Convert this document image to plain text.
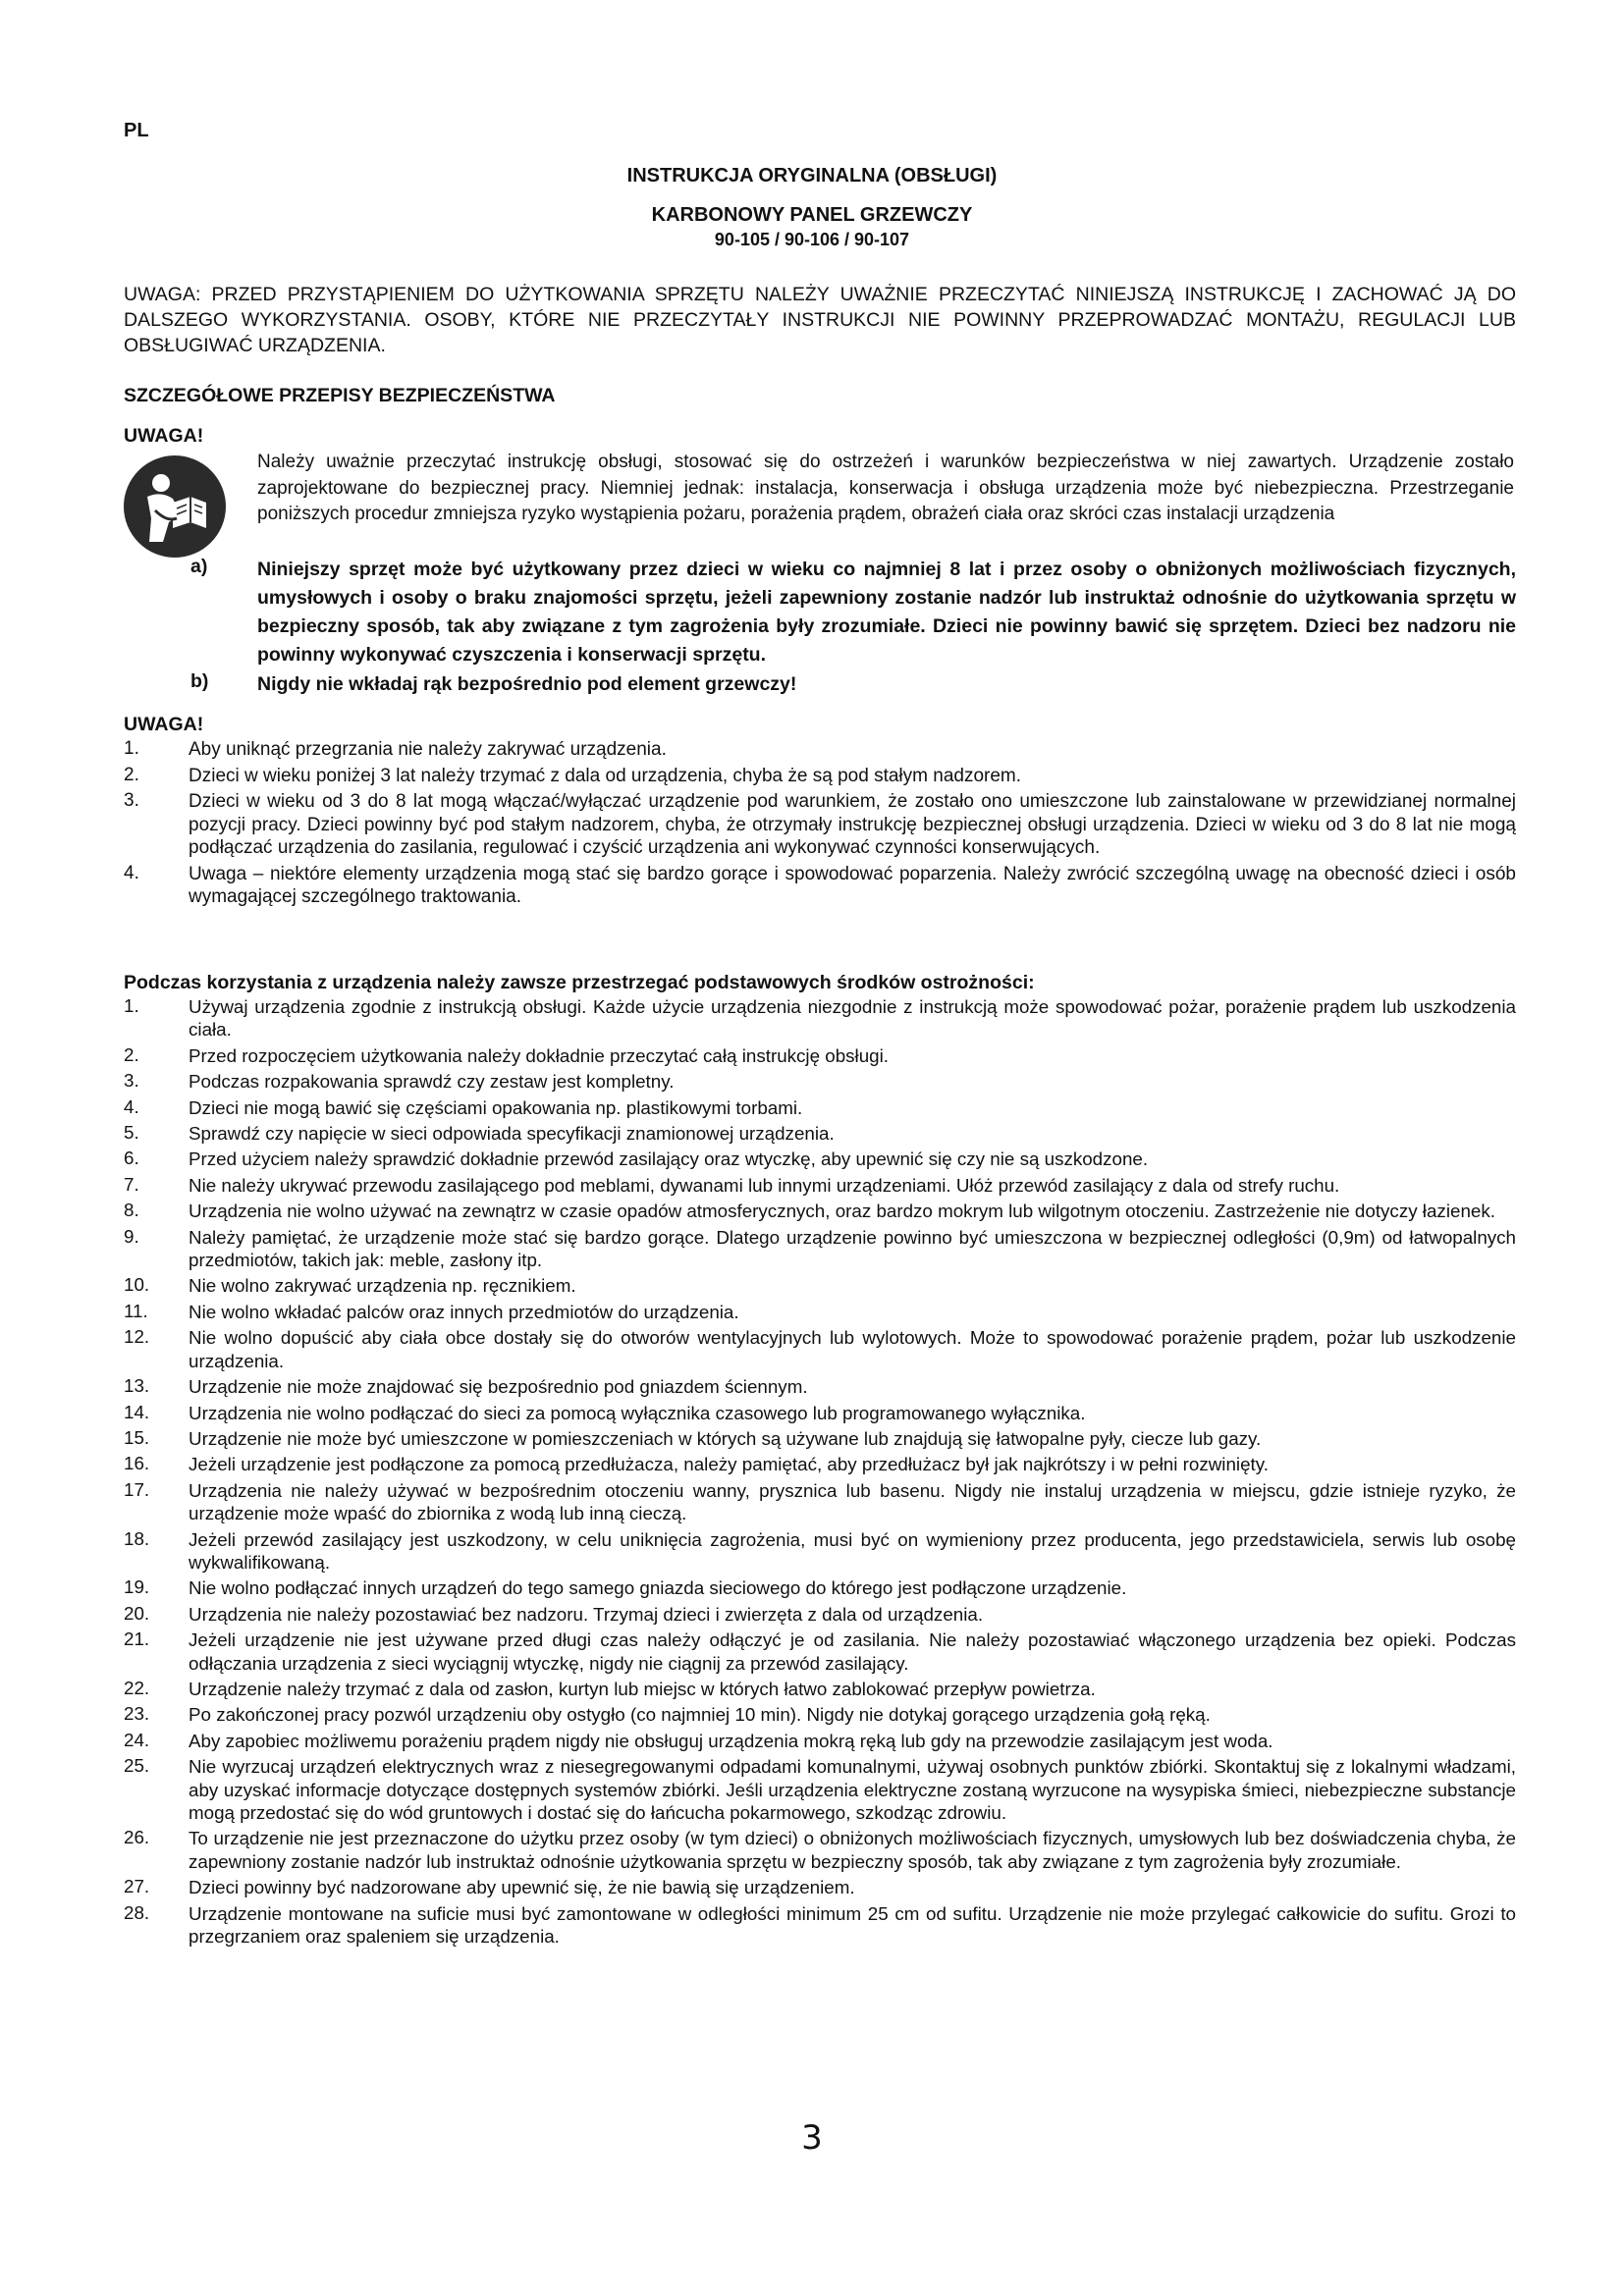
PL
INSTRUKCJA ORYGINALNA (OBSŁUGI)
KARBONOWY PANEL GRZEWCZY
90-105 / 90-106 / 90-107
UWAGA: PRZED PRZYSTĄPIENIEM DO UŻYTKOWANIA SPRZĘTU NALEŻY UWAŻNIE PRZECZYTAĆ NINIEJSZĄ INSTRUKCJĘ I ZACHOWAĆ JĄ DO DALSZEGO WYKORZYSTANIA. OSOBY, KTÓRE NIE PRZECZYTAŁY INSTRUKCJI NIE POWINNY PRZEPROWADZAĆ MONTAŻU, REGULACJI LUB OBSŁUGIWAĆ URZĄDZENIA.
SZCZEGÓŁOWE PRZEPISY BEZPIECZEŃSTWA
UWAGA!
Należy uważnie przeczytać instrukcję obsługi, stosować się do ostrzeżeń i warunków bezpieczeństwa w niej zawartych. Urządzenie zostało zaprojektowane do bezpiecznej pracy. Niemniej jednak: instalacja, konserwacja i obsługa urządzenia może być niebezpieczna. Przestrzeganie poniższych procedur zmniejsza ryzyko wystąpienia pożaru, porażenia prądem, obrażeń ciała oraz skróci czas instalacji urządzenia
a)	Niniejszy sprzęt może być użytkowany przez dzieci w wieku co najmniej 8 lat i przez osoby o obniżonych możliwościach fizycznych, umysłowych i osoby o braku znajomości sprzętu, jeżeli zapewniony zostanie nadzór lub instruktaż odnośnie do użytkowania sprzętu w bezpieczny sposób, tak aby związane z tym zagrożenia były zrozumiałe. Dzieci nie powinny bawić się sprzętem. Dzieci bez nadzoru nie powinny wykonywać czyszczenia i konserwacji sprzętu.
b)	Nigdy nie wkładaj rąk bezpośrednio pod element grzewczy!
UWAGA!
1.	Aby uniknąć przegrzania nie należy zakrywać urządzenia.
2.	Dzieci w wieku poniżej 3 lat należy trzymać z dala od urządzenia, chyba że są pod stałym nadzorem.
3.	Dzieci w wieku od 3 do 8 lat mogą włączać/wyłączać urządzenie pod warunkiem, że zostało ono umieszczone lub zainstalowane w przewidzianej normalnej pozycji pracy. Dzieci powinny być pod stałym nadzorem, chyba, że otrzymały instrukcję bezpiecznej obsługi urządzenia. Dzieci w wieku od 3 do 8 lat nie mogą podłączać urządzenia do zasilania, regulować i czyścić urządzenia ani wykonywać czynności konserwujących.
4.	Uwaga – niektóre elementy urządzenia mogą stać się bardzo gorące i spowodować poparzenia. Należy zwrócić szczególną uwagę na obecność dzieci i osób wymagającej szczególnego traktowania.
Podczas korzystania z urządzenia należy zawsze przestrzegać podstawowych środków ostrożności:
1.	Używaj urządzenia zgodnie z instrukcją obsługi. Każde użycie urządzenia niezgodnie z instrukcją może spowodować pożar, porażenie prądem lub uszkodzenia ciała.
2.	Przed rozpoczęciem użytkowania należy dokładnie przeczytać całą instrukcję obsługi.
3.	Podczas rozpakowania sprawdź czy zestaw jest kompletny.
4.	Dzieci nie mogą bawić się częściami opakowania np. plastikowymi torbami.
5.	Sprawdź czy napięcie w sieci odpowiada specyfikacji znamionowej urządzenia.
6.	Przed użyciem należy sprawdzić dokładnie przewód zasilający oraz wtyczkę, aby upewnić się czy nie są uszkodzone.
7.	Nie należy ukrywać przewodu zasilającego pod meblami, dywanami lub innymi urządzeniami. Ułóż przewód zasilający z dala od strefy ruchu.
8.	Urządzenia nie wolno używać na zewnątrz w czasie opadów atmosferycznych, oraz bardzo mokrym lub wilgotnym otoczeniu. Zastrzeżenie nie dotyczy łazienek.
9.	Należy pamiętać, że urządzenie może stać się bardzo gorące. Dlatego urządzenie powinno być umieszczona w bezpiecznej odległości (0,9m) od łatwopalnych przedmiotów, takich jak: meble, zasłony itp.
10.	Nie wolno zakrywać urządzenia np. ręcznikiem.
11.	Nie wolno wkładać palców oraz innych przedmiotów do urządzenia.
12.	Nie wolno dopuścić aby ciała obce dostały się do otworów wentylacyjnych lub wylotowych. Może to spowodować porażenie prądem, pożar lub uszkodzenie urządzenia.
13.	Urządzenie nie może znajdować się bezpośrednio pod gniazdem ściennym.
14.	Urządzenia nie wolno podłączać do sieci za pomocą wyłącznika czasowego lub programowanego wyłącznika.
15.	Urządzenie nie może być umieszczone w pomieszczeniach w których są używane lub znajdują się łatwopalne pyły, ciecze lub gazy.
16.	Jeżeli urządzenie jest podłączone za pomocą przedłużacza, należy pamiętać, aby przedłużacz był jak najkrótszy i w pełni rozwinięty.
17.	Urządzenia nie należy używać w bezpośrednim otoczeniu wanny, prysznica lub basenu. Nigdy nie instaluj urządzenia w miejscu, gdzie istnieje ryzyko, że urządzenie może wpaść do zbiornika z wodą lub inną cieczą.
18.	Jeżeli przewód zasilający jest uszkodzony, w celu uniknięcia zagrożenia, musi być on wymieniony przez producenta, jego przedstawiciela, serwis lub osobę wykwalifikowaną.
19.	Nie wolno podłączać innych urządzeń do tego samego gniazda sieciowego do którego jest podłączone urządzenie.
20.	Urządzenia nie należy pozostawiać bez nadzoru. Trzymaj dzieci i zwierzęta z dala od urządzenia.
21.	Jeżeli urządzenie nie jest używane przed długi czas należy odłączyć je od zasilania. Nie należy pozostawiać włączonego urządzenia bez opieki. Podczas odłączania urządzenia z sieci wyciągnij wtyczkę, nigdy nie ciągnij za przewód zasilający.
22.	Urządzenie należy trzymać z dala od zasłon, kurtyn lub miejsc w których łatwo zablokować przepływ powietrza.
23.	Po zakończonej pracy pozwól urządzeniu oby ostygło (co najmniej 10 min). Nigdy nie dotykaj gorącego urządzenia gołą ręką.
24.	Aby zapobiec możliwemu porażeniu prądem nigdy nie obsługuj urządzenia mokrą ręką lub gdy na przewodzie zasilającym jest woda.
25.	Nie wyrzucaj urządzeń elektrycznych wraz z niesegregowanymi odpadami komunalnymi, używaj osobnych punktów zbiórki. Skontaktuj się z lokalnymi władzami, aby uzyskać informacje dotyczące dostępnych systemów zbiórki. Jeśli urządzenia elektryczne zostaną wyrzucone na wysypiska śmieci, niebezpieczne substancje mogą przedostać się do wód gruntowych i dostać się do łańcucha pokarmowego, szkodząc zdrowiu.
26.	To urządzenie nie jest przeznaczone do użytku przez osoby (w tym dzieci) o obniżonych możliwościach fizycznych, umysłowych lub bez doświadczenia chyba, że zapewniony zostanie nadzór lub instruktaż odnośnie użytkowania sprzętu w bezpieczny sposób, tak aby związane z tym zagrożenia były zrozumiałe.
27.	Dzieci powinny być nadzorowane aby upewnić się, że nie bawią się urządzeniem.
28.	Urządzenie montowane na suficie musi być zamontowane w odległości minimum 25 cm od sufitu. Urządzenie nie może przylegać całkowicie do sufitu. Grozi to przegrzaniem oraz spaleniem się urządzenia.
3
